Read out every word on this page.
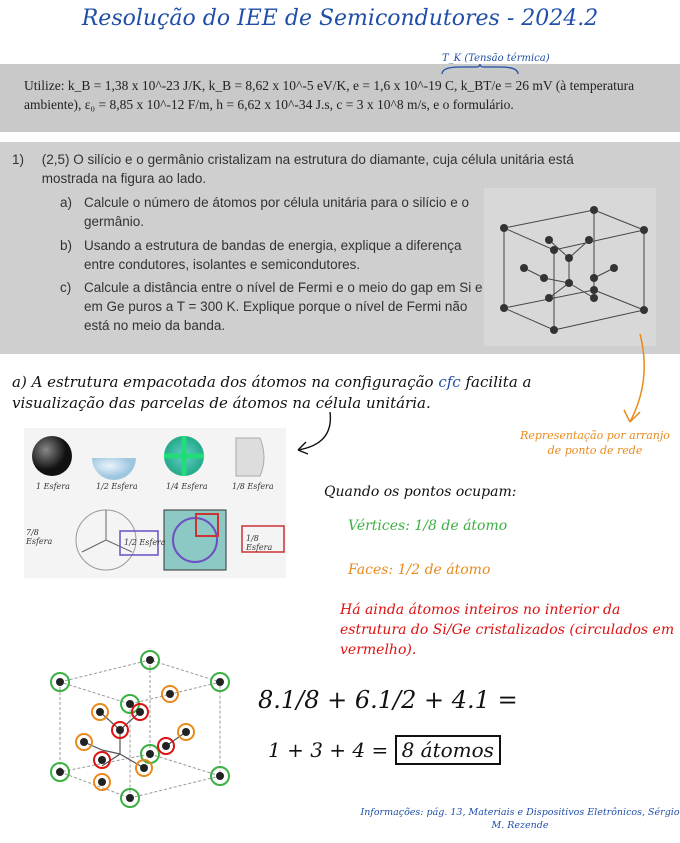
Resolução do IEE de Semicondutores - 2024.2
T_K (Tensão térmica)
Utilize: k_B = 1,38 x 10^-23 J/K, k_B = 8,62 x 10^-5 eV/K, e = 1,6 x 10^-19 C, k_BT/e = 26 mV (à temperatura
ambiente), ε₀ = 8,85 x 10^-12 F/m, h = 6,62 x 10^-34 J.s, c = 3 x 10^8 m/s, e o formulário.
1) (2,5) O silício e o germânio cristalizam na estrutura do diamante, cuja célula unitária está mostrada na figura ao lado.
a) Calcule o número de átomos por célula unitária para o silício e o germânio.
b) Usando a estrutura de bandas de energia, explique a diferença entre condutores, isolantes e semicondutores.
c) Calcule a distância entre o nível de Fermi e o meio do gap em Si e em Ge puros a T = 300 K. Explique porque o nível de Fermi não está no meio da banda.
a) A estrutura empacotada dos átomos na configuração cfc facilita a visualização das parcelas de átomos na célula unitária.
1 Esfera	1/2 Esfera	1/4 Esfera	1/8 Esfera
7/8 Esfera	1/2 Esfera	1/8 Esfera
Representação por arranjo de ponto de rede
Quando os pontos ocupam:
Vértices: 1/8 de átomo
Faces: 1/2 de átomo
Há ainda átomos inteiros no interior da estrutura do Si/Ge cristalizados (circulados em vermelho).
8.1/8 + 6.1/2 + 4.1 =
1 + 3 + 4 = 8 átomos
Informações: pág. 13, Materiais e Dispositivos Eletrônicos, Sérgio M. Rezende
